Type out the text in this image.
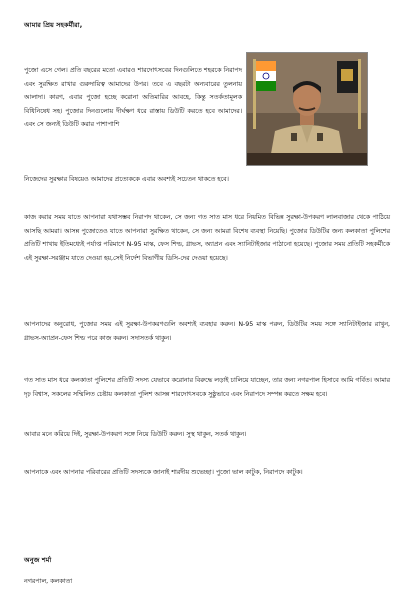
আমার প্রিয় সহকর্মীরা,

পুজো এসে গেল। প্রতি বছরের মতো এবারও শারদোৎসবের দিনগুলিতে শহরকে নিরাপদ এবং সুরক্ষিত রাখার গুরুদায়িত্ব আমাদের উপর। তবে এ বছরটা অন্যবারের তুলনায় আলাদা। কারণ, এবার পুজো হচ্ছে করোনা অতিমারির আবহে, কিন্তু সতর্কতামূলক বিধিনিষেধ সহ। পুজোর দিনগুলোয় দীর্ঘক্ষণ ধরে রাস্তায় ডিউটি করতে হবে আমাদের। এবং সে জন্যই ডিউটি করার পাশাপাশি

নিজেদের সুরক্ষার বিষয়েও আমাদের প্রত্যেককে এবার অবশ্যই সচেতন থাকতে হবে।

কাজ করার সময় যাতে আপনারা যথাসম্ভব নিরাপদ থাকেন, সে জন্য গত সাত মাস ধরে নিয়মিত বিভিন্ন সুরক্ষা-উপকরণ লালবাজার থেকে পাঠিয়ে আসছি আমরা। আসন্ন পুজোতেও যাতে আপনারা সুরক্ষিত থাকেন, সে জন্য আমরা বিশেষ ব্যবস্থা নিয়েছি। পুজোর ডিউটির জন্য কলকাতা পুলিশের প্রতিটি শাখায় ইতিমধ্যেই পর্যাপ্ত পরিমাণে N-95 মাস্ক, ফেস শিল্ড, গ্লাভস, অ্যাপ্রন এবং স্যানিটাইজার পাঠানো হয়েছে। পুজোর সময় প্রতিটি সহকর্মীকে এই সুরক্ষা-সরঞ্জাম যাতে দেওয়া হয়,সেই নির্দেশ বিভাগীয় ডিসি-দের দেওয়া হয়েছে।

আপনাদের অনুরোধ, পুজোর সময় এই সুরক্ষা-উপকরণগুলি অবশ্যই ব্যবহার করুন। N-95 মাস্ক পরুন, ডিউটির সময় সঙ্গে স্যানিটাইজার রাখুন, গ্লাভস-অ্যাপ্রন-ফেস শিল্ড পরে কাজ করুন। সদাসতর্ক থাকুন।

গত সাত মাস ধরে কলকাতা পুলিশের প্রতিটি সদস্য যেভাবে করোনার বিরুদ্ধে লড়াই চালিয়ে যাচ্ছেন, তার জন্য নগরপাল হিসাবে আমি গর্বিত। আমার দৃঢ় বিশ্বাস, সকলের সম্মিলিত চেষ্টায় কলকাতা পুলিশ আসন্ন শারদোৎসবকে সুষ্ঠুভাবে এবং নিরাপদে সম্পন্ন করতে সক্ষম হবে।

আবার মনে করিয়ে দিই, সুরক্ষা-উপকরণ সঙ্গে নিয়ে ডিউটি করুন। সুস্থ থাকুন, সতর্ক থাকুন।

আপনাকে এবং আপনার পরিবারের প্রতিটি সদস্যকে জানাই শারদীয় শুভেচ্ছা। পুজো ভাল কাটুক, নিরাপদে কাটুক।

অনুজ শর্মা

নগরপাল, কলকাতা
